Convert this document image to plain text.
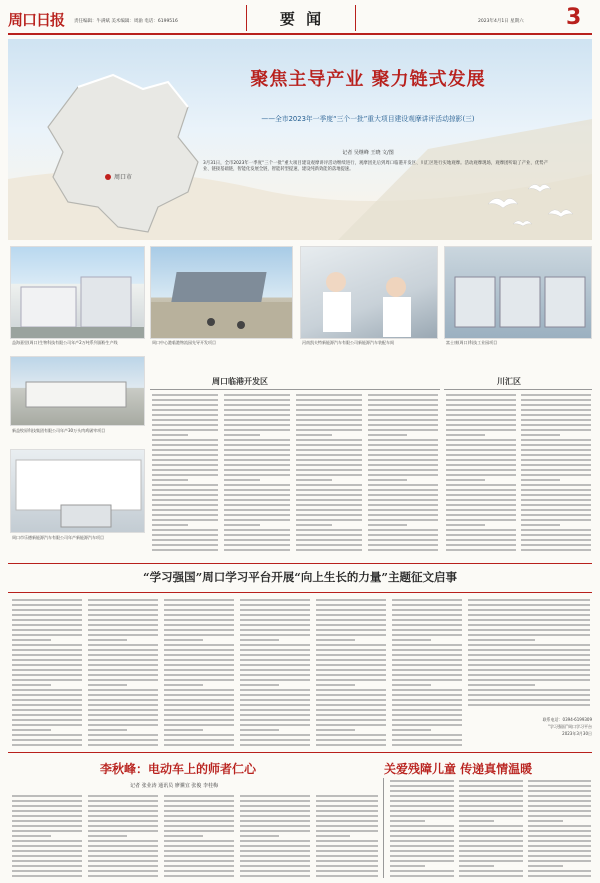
周口日报 责任编辑：牛满斌 美术编辑：周渝 电话：6199516	要 闻	2023年4月1日 星期六 3
周口市
聚焦主导产业 聚力链式发展
——全市2023年一季度“三个一批”重大项目建设观摩讲评活动掠影(三)
记者 吴继峰 王晓 文/图
3月31日，全市2023年一季度“三个一批”重大项目建设观摩讲评活动继续进行，观摩团先后到周口临港开发区、川汇区进行实地观摩。活动观摩现场，观摩团听取了产业、优势产业、链接基础链，智能化发展全链，智能转型提速，建设纯新效能的落地提速。
益海嘉里(周口)生物科技有限公司年产2万吨系列面粉生产线	周口中心港临港物流园先导开发项目	河南凯夫特新能源汽车有限公司新能源汽车装配车间	富士康(周口)科技工业园项目
新益牧原科技集团有限公司年产30万头肉鸡屠宰项目
周口市乐德新能源汽车有限公司年产新能源汽车项目
周口临港开发区	川汇区
“学习强国”周口学习平台开展“向上生长的力量”主题征文启事
联系电话：0394-6199309
“学习强国”周口学习平台
2023年3月30日
李秋峰：电动车上的师者仁心
记者 张业涛 通讯员 廖骥宜 张俊 李桂梅
关爱残障儿童 传递真情温暖
